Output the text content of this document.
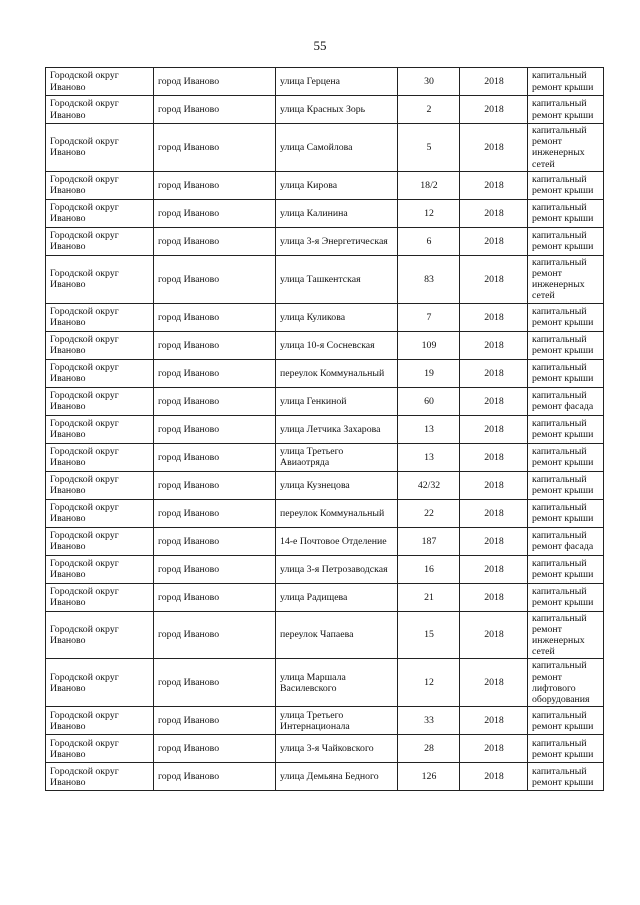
55
Городской округ Иваново	город Иваново	улица Герцена	30	2018	капитальный ремонт крыши
Городской округ Иваново	город Иваново	улица Красных Зорь	2	2018	капитальный ремонт крыши
Городской округ Иваново	город Иваново	улица Самойлова	5	2018	капитальный ремонт инженерных сетей
Городской округ Иваново	город Иваново	улица Кирова	18/2	2018	капитальный ремонт крыши
Городской округ Иваново	город Иваново	улица Калинина	12	2018	капитальный ремонт крыши
Городской округ Иваново	город Иваново	улица 3-я Энергетическая	6	2018	капитальный ремонт крыши
Городской округ Иваново	город Иваново	улица Ташкентская	83	2018	капитальный ремонт инженерных сетей
Городской округ Иваново	город Иваново	улица Куликова	7	2018	капитальный ремонт крыши
Городской округ Иваново	город Иваново	улица 10-я Сосневская	109	2018	капитальный ремонт крыши
Городской округ Иваново	город Иваново	переулок Коммунальный	19	2018	капитальный ремонт крыши
Городской округ Иваново	город Иваново	улица Генкиной	60	2018	капитальный ремонт фасада
Городской округ Иваново	город Иваново	улица Летчика Захарова	13	2018	капитальный ремонт крыши
Городской округ Иваново	город Иваново	улица Третьего Авиаотряда	13	2018	капитальный ремонт крыши
Городской округ Иваново	город Иваново	улица Кузнецова	42/32	2018	капитальный ремонт крыши
Городской округ Иваново	город Иваново	переулок Коммунальный	22	2018	капитальный ремонт крыши
Городской округ Иваново	город Иваново	14-е Почтовое Отделение	187	2018	капитальный ремонт фасада
Городской округ Иваново	город Иваново	улица 3-я Петрозаводская	16	2018	капитальный ремонт крыши
Городской округ Иваново	город Иваново	улица Радищева	21	2018	капитальный ремонт крыши
Городской округ Иваново	город Иваново	переулок Чапаева	15	2018	капитальный ремонт инженерных сетей
Городской округ Иваново	город Иваново	улица Маршала Василевского	12	2018	капитальный ремонт лифтового оборудования
Городской округ Иваново	город Иваново	улица Третьего Интернационала	33	2018	капитальный ремонт крыши
Городской округ Иваново	город Иваново	улица 3-я Чайковского	28	2018	капитальный ремонт крыши
Городской округ Иваново	город Иваново	улица Демьяна Бедного	126	2018	капитальный ремонт крыши
